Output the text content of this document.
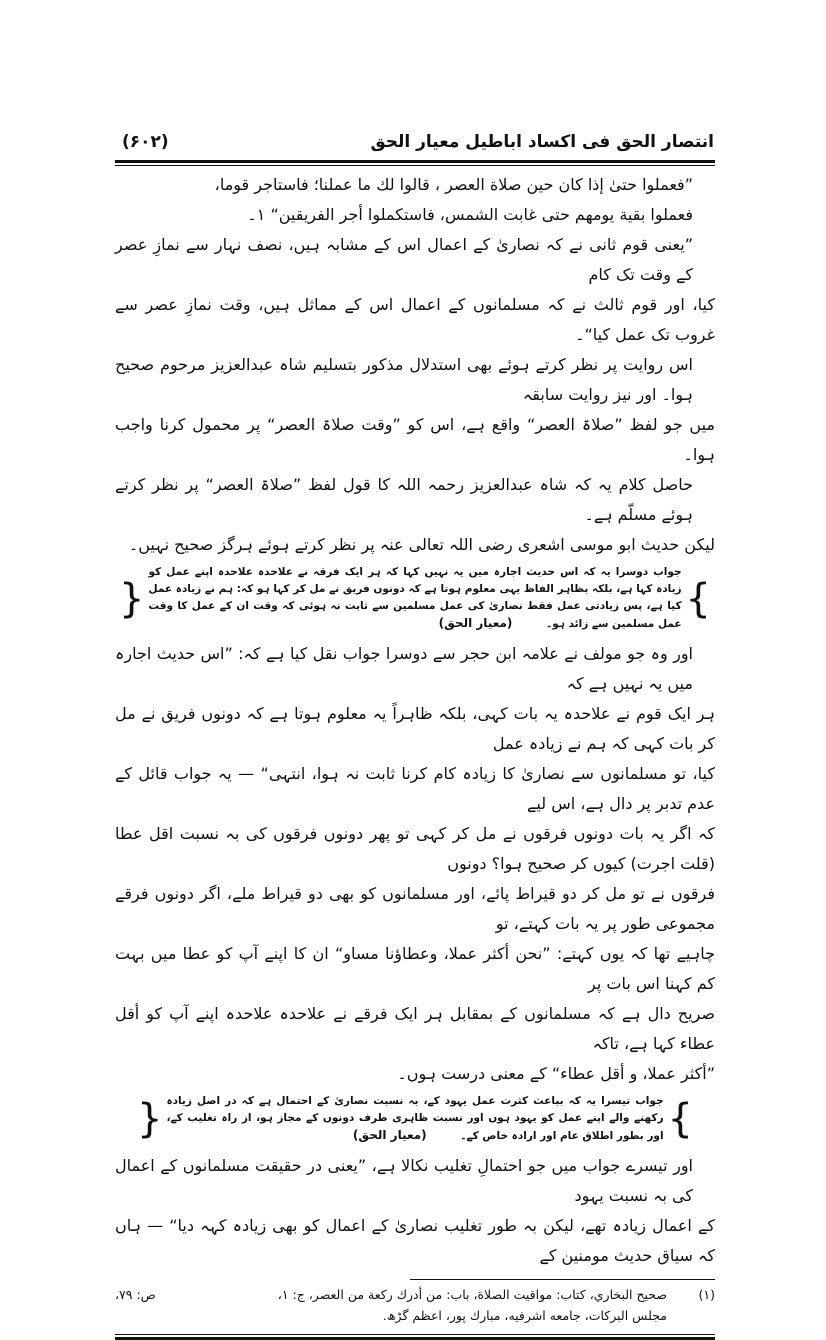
انتصار الحق فی اکساد اباطیل معیار الحق
(۶۰۲)
”فعملوا حتىٰ إذا كان حين صلاة العصر ، قالوا لك ما عملنا؛ فاستاجر قوما،
فعملوا بقية يومهم حتى غابت الشمس، فاستكملوا أجر الفريقين“ ۱۔
”یعنی قوم ثانی نے کہ نصاریٰ کے اعمال اس کے مشابہ ہیں، نصف نہار سے نمازِ عصر کے وقت تک کام
کیا، اور قوم ثالث نے کہ مسلمانوں کے اعمال اس کے مماثل ہیں، وقت نمازِ عصر سے غروب تک عمل کیا“۔
اس روایت پر نظر کرتے ہوئے بھی استدلال مذکور بتسلیم شاہ عبدالعزیز مرحوم صحیح ہوا۔ اور نیز روایت سابقہ
میں جو لفظ ”صلاۃ العصر“ واقع ہے، اس کو ”وقت صلاۃ العصر“ پر محمول کرنا واجب ہوا۔
حاصل کلام یہ کہ شاہ عبدالعزیز رحمہ اللہ کا قول لفظ ”صلاۃ العصر“ پر نظر کرتے ہوئے مسلّم ہے۔
لیکن حدیث ابو موسی اشعری رضی اللہ تعالی عنہ پر نظر کرتے ہوئے ہرگز صحیح نہیں۔
}
جواب دوسرا یہ کہ اس حدیث اجارہ میں یہ نہیں کہا کہ ہر ایک فرقہ نے علاحدہ علاحدہ اپنے عمل کو زیادہ کہا ہے، بلکہ بظاہر الفاظ یہی معلوم ہوتا ہے کہ دونوں فریق نے مل کر کہا ہو کہ: ہم نے زیادہ عمل کیا ہے، پس زیادتی عمل فقط نصاریٰ کی عمل مسلمین سے ثابت نہ ہوئی کہ وقت ان کے عمل کا وقت عمل مسلمین سے زائد ہو۔ (معیار الحق)
{
اور وہ جو مولف نے علامہ ابن حجر سے دوسرا جواب نقل کیا ہے کہ: ”اس حدیث اجارہ میں یہ نہیں ہے کہ
ہر ایک قوم نے علاحدہ یہ بات کہی، بلکہ ظاہراً یہ معلوم ہوتا ہے کہ دونوں فریق نے مل کر بات کہی کہ ہم نے زیادہ عمل
کیا، تو مسلمانوں سے نصاریٰ کا زیادہ کام کرنا ثابت نہ ہوا، انتہی“ — یہ جواب قائل کے عدم تدبر پر دال ہے، اس لیے
کہ اگر یہ بات دونوں فرقوں نے مل کر کہی تو پھر دونوں فرقوں کی بہ نسبت اقل عطا (قلت اجرت) کیوں کر صحیح ہوا؟ دونوں
فرقوں نے تو مل کر دو قیراط پائے، اور مسلمانوں کو بھی دو قیراط ملے، اگر دونوں فرقے مجموعی طور پر یہ بات کہتے، تو
چاہیے تھا کہ یوں کہتے: ”نحن أكثر عملا، وعطاؤنا مساو“ ان کا اپنے آپ کو عطا میں بہت کم کہنا اس بات پر
صریح دال ہے کہ مسلمانوں کے بمقابل ہر ایک فرقے نے علاحدہ علاحدہ اپنے آپ کو أقل عطاء کہا ہے، تاکہ
”أكثر عملا، و أقل عطاء“ کے معنی درست ہوں۔
}
جواب تیسرا یہ کہ بباعث کثرت عمل یہود کے، بہ نسبت نصاریٰ کے احتمال ہے کہ در اصل زیادہ رکھنے والے اپنے عمل کو یہود ہوں اور نسبت ظاہری طرف دونوں کے مجاز ہو، از راہ تغلیب کے، اور بطور اطلاق عام اور ارادہ خاص کے۔ (معیار الحق)
{
اور تیسرے جواب میں جو احتمالِ تغلیب نکالا ہے، ”یعنی در حقیقت مسلمانوں کے اعمال کی بہ نسبت یہود
کے اعمال زیادہ تھے، لیکن بہ طور تغلیب نصاریٰ کے اعمال کو بھی زیادہ کہہ دیا“ — ہاں کہ سیاق حدیث مومنین کے
(۱)
صحيح البخاري، كتاب: مواقيت الصلاة، باب: من أدرك ركعة من العصر، ج: ۱،
ص: ۷۹،
مجلس البركات، جامعه اشرفيه، مبارك پور، اعظم گڑھ.
